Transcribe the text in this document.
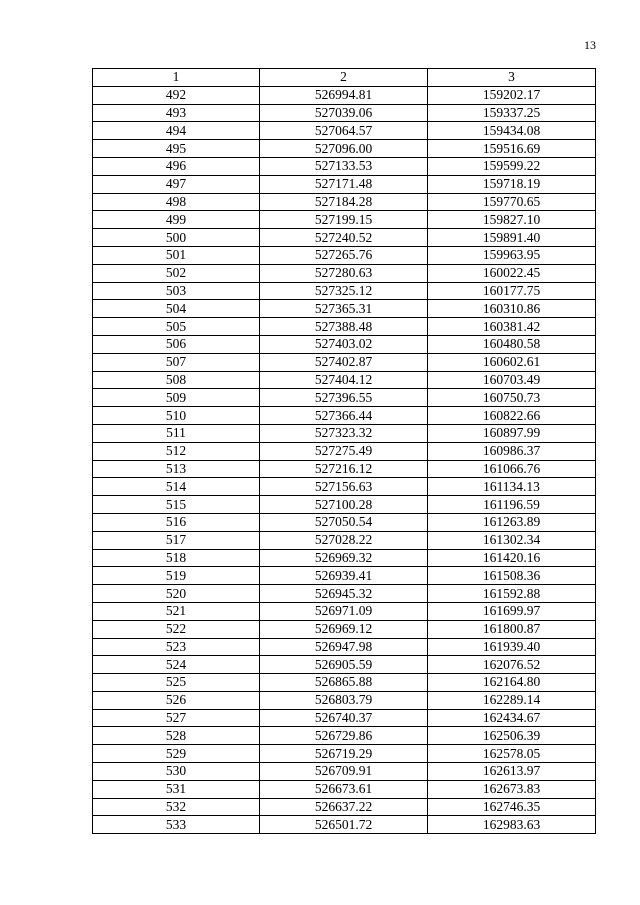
13
1	2	3
492	526994.81	159202.17
493	527039.06	159337.25
494	527064.57	159434.08
495	527096.00	159516.69
496	527133.53	159599.22
497	527171.48	159718.19
498	527184.28	159770.65
499	527199.15	159827.10
500	527240.52	159891.40
501	527265.76	159963.95
502	527280.63	160022.45
503	527325.12	160177.75
504	527365.31	160310.86
505	527388.48	160381.42
506	527403.02	160480.58
507	527402.87	160602.61
508	527404.12	160703.49
509	527396.55	160750.73
510	527366.44	160822.66
511	527323.32	160897.99
512	527275.49	160986.37
513	527216.12	161066.76
514	527156.63	161134.13
515	527100.28	161196.59
516	527050.54	161263.89
517	527028.22	161302.34
518	526969.32	161420.16
519	526939.41	161508.36
520	526945.32	161592.88
521	526971.09	161699.97
522	526969.12	161800.87
523	526947.98	161939.40
524	526905.59	162076.52
525	526865.88	162164.80
526	526803.79	162289.14
527	526740.37	162434.67
528	526729.86	162506.39
529	526719.29	162578.05
530	526709.91	162613.97
531	526673.61	162673.83
532	526637.22	162746.35
533	526501.72	162983.63
